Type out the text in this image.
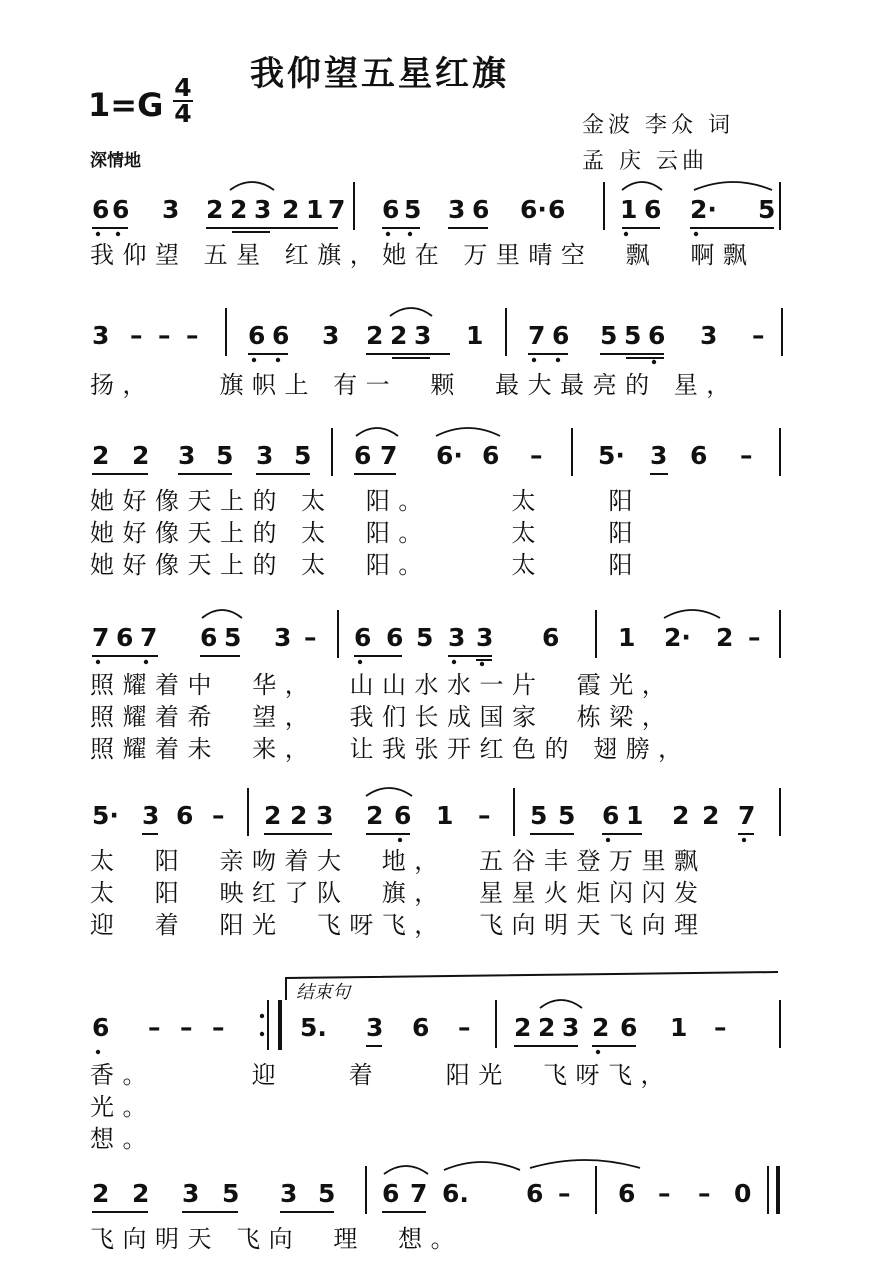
我仰望五星红旗
1=G 4
4	金波 李众 词
孟 庆 云曲
深情地
结束句
6 6 3 2 2 3 2 1 7 6 5 3 6 6· 6 1 6 2· 5
我仰望 五星 红旗，她在 万里晴空  飘  啊飘
3 – – – 6 6 3 2 2 3 1 7 6 5 5 6 3 –
扬，    旗帜上 有一  颗  最大最亮的 星，
2 2 3 5 3 5 6 7 6· 6 – 5· 3 6 –
她好像天上的 太  阳。     太    阳
她好像天上的 太  阳。     太    阳
她好像天上的 太  阳。     太    阳
7 6 7 6 5 3 – 6 6 5 3 3 6 1 2· 2 –
照耀着中  华，  山山水水一片  霞光，
照耀着希  望，  我们长成国家  栋梁，
照耀着未  来，  让我张开红色的 翅膀，
5· 3 6 – 2 2 3 2 6 1 – 5 5 6 1 2 2 7
太  阳  亲吻着大  地，  五谷丰登万里飘
太  阳  映红了队  旗，  星星火炬闪闪发
迎  着  阳光  飞呀飞，  飞向明天飞向理
6 – – –	5. 3 6 – 2 2 3 2 6 1 –
香。      迎    着    阳光  飞呀飞，
光。
想。
2 2 3 5 3 5 6 7 6. 6 – 6 – – 0
飞向明天 飞向  理  想。
